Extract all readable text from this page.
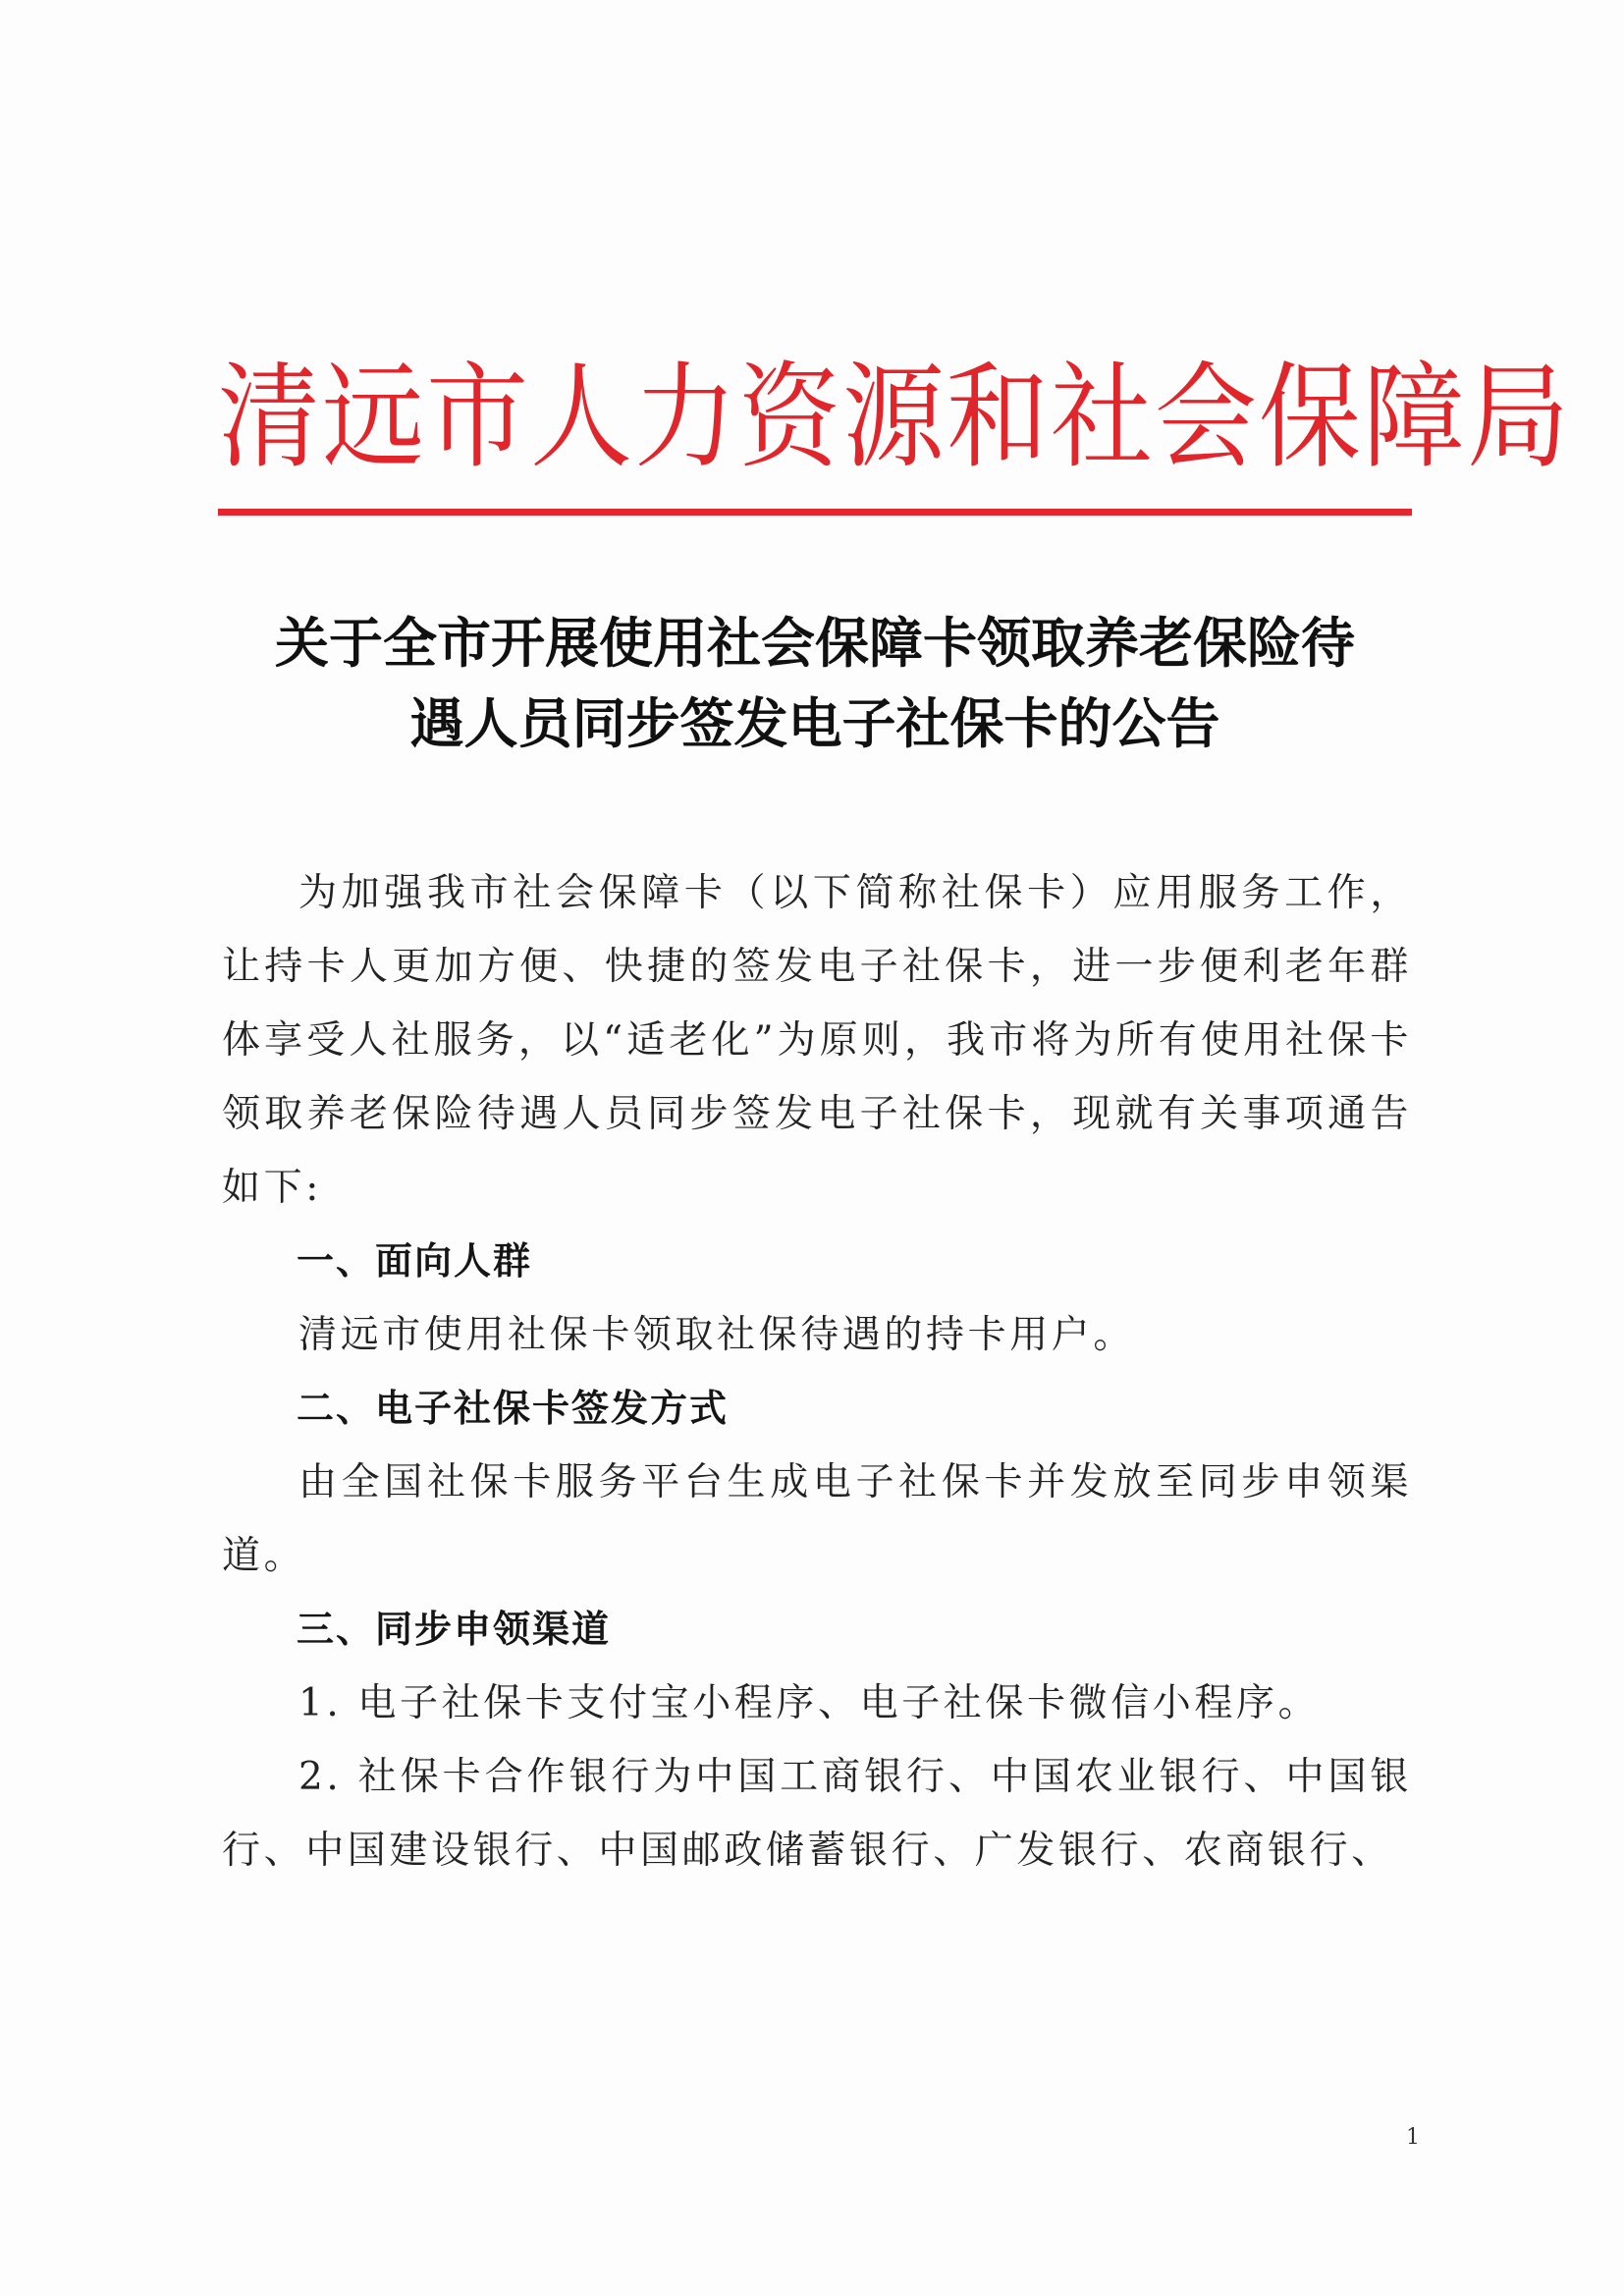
清远市人力资源和社会保障局
关于全市开展使用社会保障卡领取养老保险待
遇人员同步签发电子社保卡的公告

为加强我市社会保障卡（以下简称社保卡）应用服务工作，让持卡人更加方便、快捷的签发电子社保卡，进一步便利老年群体享受人社服务，以“适老化”为原则，我市将为所有使用社保卡领取养老保险待遇人员同步签发电子社保卡，现就有关事项通告如下:

一、面向人群

清远市使用社保卡领取社保待遇的持卡用户。

二、电子社保卡签发方式

由全国社保卡服务平台生成电子社保卡并发放至同步申领渠道。

三、同步申领渠道

1. 电子社保卡支付宝小程序、电子社保卡微信小程序。

2. 社保卡合作银行为中国工商银行、中国农业银行、中国银行、中国建设银行、中国邮政储蓄银行、广发银行、农商银行、

1
